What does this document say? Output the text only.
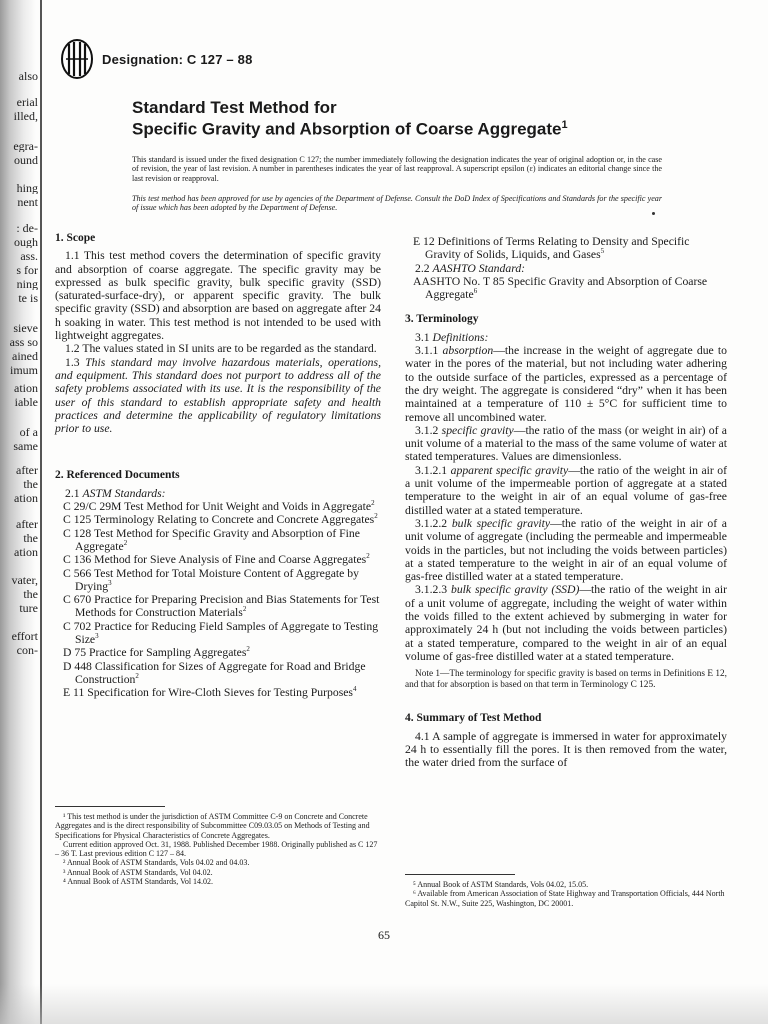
also
erial
illed,
egra-
ound
hing
nent
: de-
ough
ass.
s for
ning
te is
sieve
ass so
ained
imum
ation
iable
of a
same
after
the
ation
after
the
ation
vater,
the
ture
effort
con-
Designation: C 127 – 88
Standard Test Method for
Specific Gravity and Absorption of Coarse Aggregate$^1$
This standard is issued under the fixed designation C 127; the number immediately following the designation indicates the year of original adoption or, in the case of revision, the year of last revision. A number in parentheses indicates the year of last reapproval. A superscript epsilon (ε) indicates an editorial change since the last revision or reapproval.
This test method has been approved for use by agencies of the Department of Defense. Consult the DoD Index of Specifications and Standards for the specific year of issue which has been adopted by the Department of Defense.

1. Scope

1.1 This test method covers the determination of specific gravity and absorption of coarse aggregate. The specific gravity may be expressed as bulk specific gravity, bulk specific gravity (SSD) (saturated-surface-dry), or apparent specific gravity. The bulk specific gravity (SSD) and absorption are based on aggregate after 24 h soaking in water. This test method is not intended to be used with lightweight aggregates.

1.2 The values stated in SI units are to be regarded as the standard.

1.3 This standard may involve hazardous materials, operations, and equipment. This standard does not purport to address all of the safety problems associated with its use. It is the responsibility of the user of this standard to establish appropriate safety and health practices and determine the applicability of regulatory limitations prior to use.

2. Referenced Documents

2.1 ASTM Standards:

C 29/C 29M Test Method for Unit Weight and Voids in Aggregate$^2$

C 125 Terminology Relating to Concrete and Concrete Aggregates$^2$

C 128 Test Method for Specific Gravity and Absorption of Fine Aggregate$^2$

C 136 Method for Sieve Analysis of Fine and Coarse Aggregates$^2$

C 566 Test Method for Total Moisture Content of Aggregate by Drying$^3$

C 670 Practice for Preparing Precision and Bias Statements for Test Methods for Construction Materials$^2$

C 702 Practice for Reducing Field Samples of Aggregate to Testing Size$^3$

D 75 Practice for Sampling Aggregates$^2$

D 448 Classification for Sizes of Aggregate for Road and Bridge Construction$^2$

E 11 Specification for Wire-Cloth Sieves for Testing Purposes$^4$

E 12 Definitions of Terms Relating to Density and Specific Gravity of Solids, Liquids, and Gases$^5$

2.2 AASHTO Standard:

AASHTO No. T 85 Specific Gravity and Absorption of Coarse Aggregate$^6$

3. Terminology

3.1 Definitions:

3.1.1 absorption—the increase in the weight of aggregate due to water in the pores of the material, but not including water adhering to the outside surface of the particles, expressed as a percentage of the dry weight. The aggregate is considered “dry” when it has been maintained at a temperature of 110 ± 5°C for sufficient time to remove all uncombined water.

3.1.2 specific gravity—the ratio of the mass (or weight in air) of a unit volume of a material to the mass of the same volume of water at stated temperatures. Values are dimensionless.

3.1.2.1 apparent specific gravity—the ratio of the weight in air of a unit volume of the impermeable portion of aggregate at a stated temperature to the weight in air of an equal volume of gas-free distilled water at a stated temperature.

3.1.2.2 bulk specific gravity—the ratio of the weight in air of a unit volume of aggregate (including the permeable and impermeable voids in the particles, but not including the voids between particles) at a stated temperature to the weight in air of an equal volume of gas-free distilled water at a stated temperature.

3.1.2.3 bulk specific gravity (SSD)—the ratio of the weight in air of a unit volume of aggregate, including the weight of water within the voids filled to the extent achieved by submerging in water for approximately 24 h (but not including the voids between particles) at a stated temperature, compared to the weight in air of an equal volume of gas-free distilled water at a stated temperature.

Note 1—The terminology for specific gravity is based on terms in Definitions E 12, and that for absorption is based on that term in Terminology C 125.

4. Summary of Test Method

4.1 A sample of aggregate is immersed in water for approximately 24 h to essentially fill the pores. It is then removed from the water, the water dried from the surface of

¹ This test method is under the jurisdiction of ASTM Committee C-9 on Concrete and Concrete Aggregates and is the direct responsibility of Subcommittee C09.03.05 on Methods of Testing and Specifications for Physical Characteristics of Concrete Aggregates.

Current edition approved Oct. 31, 1988. Published December 1988. Originally published as C 127 – 36 T. Last previous edition C 127 – 84.

² Annual Book of ASTM Standards, Vols 04.02 and 04.03.

³ Annual Book of ASTM Standards, Vol 04.02.

⁴ Annual Book of ASTM Standards, Vol 14.02.	⁵ Annual Book of ASTM Standards, Vols 04.02, 15.05.

⁶ Available from American Association of State Highway and Transportation Officials, 444 North Capitol St. N.W., Suite 225, Washington, DC 20001.

65
